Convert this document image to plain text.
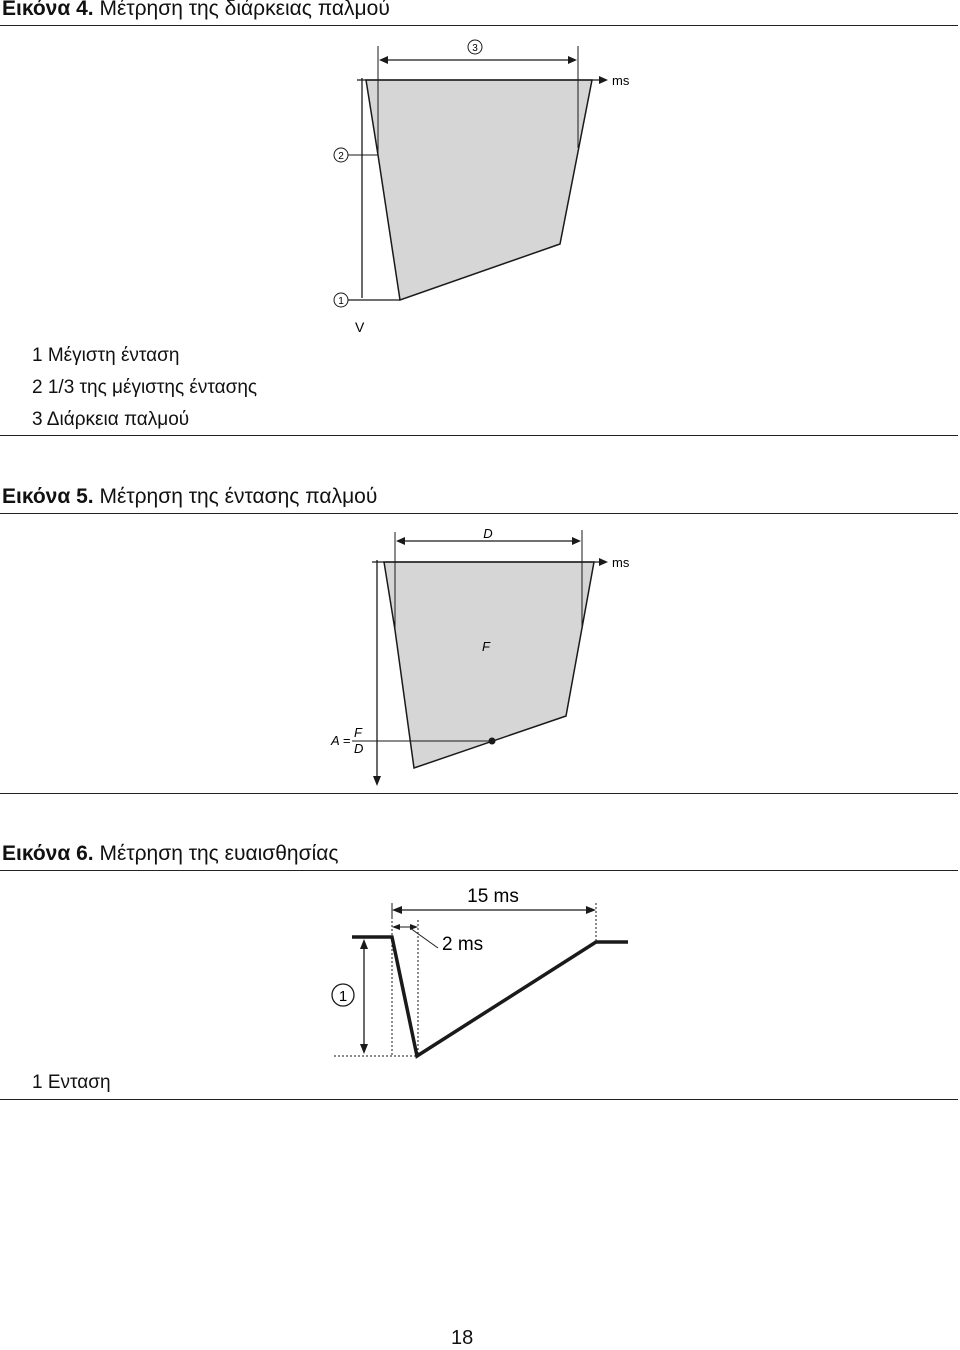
Εικόνα 4. Μέτρηση της διάρκειας παλμού
ms
V
1
2
3
1 Μέγιστη ένταση
2 1/3 της μέγιστης έντασης
3 Διάρκεια παλμού
Εικόνα 5. Μέτρηση της έντασης παλμού
ms
D
F
A =
F
D
Εικόνα 6. Μέτρηση της ευαισθησίας
15 ms
2 ms
1
1 Ενταση
18
